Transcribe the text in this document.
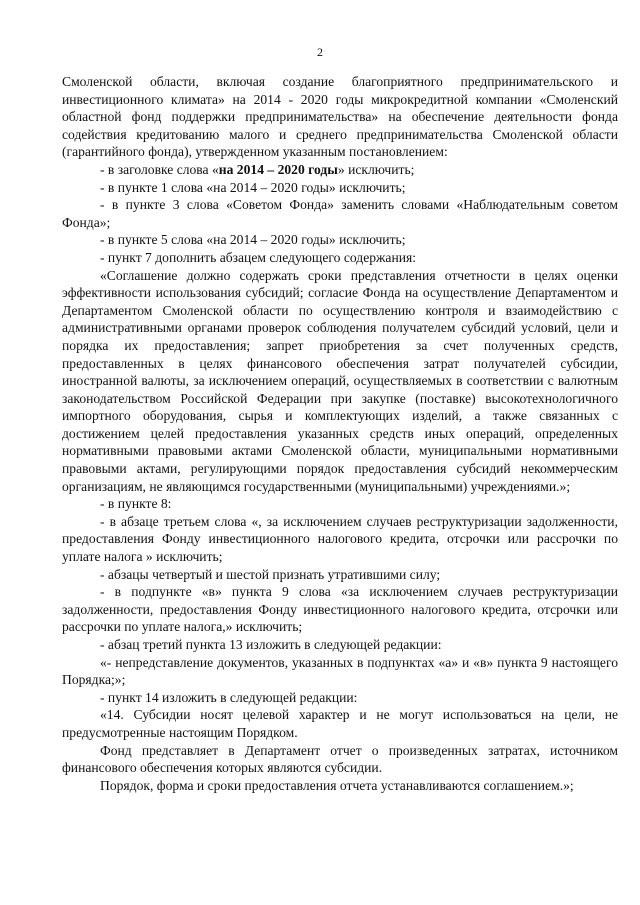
2

Смоленской области, включая создание благоприятного предпринимательского и инвестиционного климата» на 2014 - 2020 годы микрокредитной компании «Смоленский областной фонд поддержки предпринимательства» на обеспечение деятельности фонда содействия кредитованию малого и среднего предпринимательства Смоленской области (гарантийного фонда), утвержденном указанным постановлением:

- в заголовке слова «на 2014 – 2020 годы» исключить;

- в пункте 1 слова «на 2014 – 2020 годы» исключить;

- в пункте 3 слова «Советом Фонда» заменить словами «Наблюдательным советом Фонда»;

- в пункте 5 слова «на 2014 – 2020 годы» исключить;

- пункт 7 дополнить абзацем следующего содержания:

«Соглашение должно содержать сроки представления отчетности в целях оценки эффективности использования субсидий; согласие Фонда на осуществление Департаментом и Департаментом Смоленской области по осуществлению контроля и взаимодействию с административными органами проверок соблюдения получателем субсидий условий, цели и порядка их предоставления; запрет приобретения за счет полученных средств, предоставленных в целях финансового обеспечения затрат получателей субсидии, иностранной валюты, за исключением операций, осуществляемых в соответствии с валютным законодательством Российской Федерации при закупке (поставке) высокотехнологичного импортного оборудования, сырья и комплектующих изделий, а также связанных с достижением целей предоставления указанных средств иных операций, определенных нормативными правовыми актами Смоленской области, муниципальными нормативными правовыми актами, регулирующими порядок предоставления субсидий некоммерческим организациям, не являющимся государственными (муниципальными) учреждениями.»;

- в пункте 8:

- в абзаце третьем слова «, за исключением случаев реструктуризации задолженности, предоставления Фонду инвестиционного налогового кредита, отсрочки или рассрочки по уплате налога » исключить;

- абзацы четвертый и шестой признать утратившими силу;

- в подпункте «в» пункта 9 слова «за исключением случаев реструктуризации задолженности, предоставления Фонду инвестиционного налогового кредита, отсрочки или рассрочки по уплате налога,» исключить;

- абзац третий пункта 13 изложить в следующей редакции:

«- непредставление документов, указанных в подпунктах «а» и «в» пункта 9 настоящего Порядка;»;

- пункт 14 изложить в следующей редакции:

«14. Субсидии носят целевой характер и не могут использоваться на цели, не предусмотренные настоящим Порядком.

Фонд представляет в Департамент отчет о произведенных затратах, источником финансового обеспечения которых являются субсидии.

Порядок, форма и сроки предоставления отчета устанавливаются соглашением.»;
